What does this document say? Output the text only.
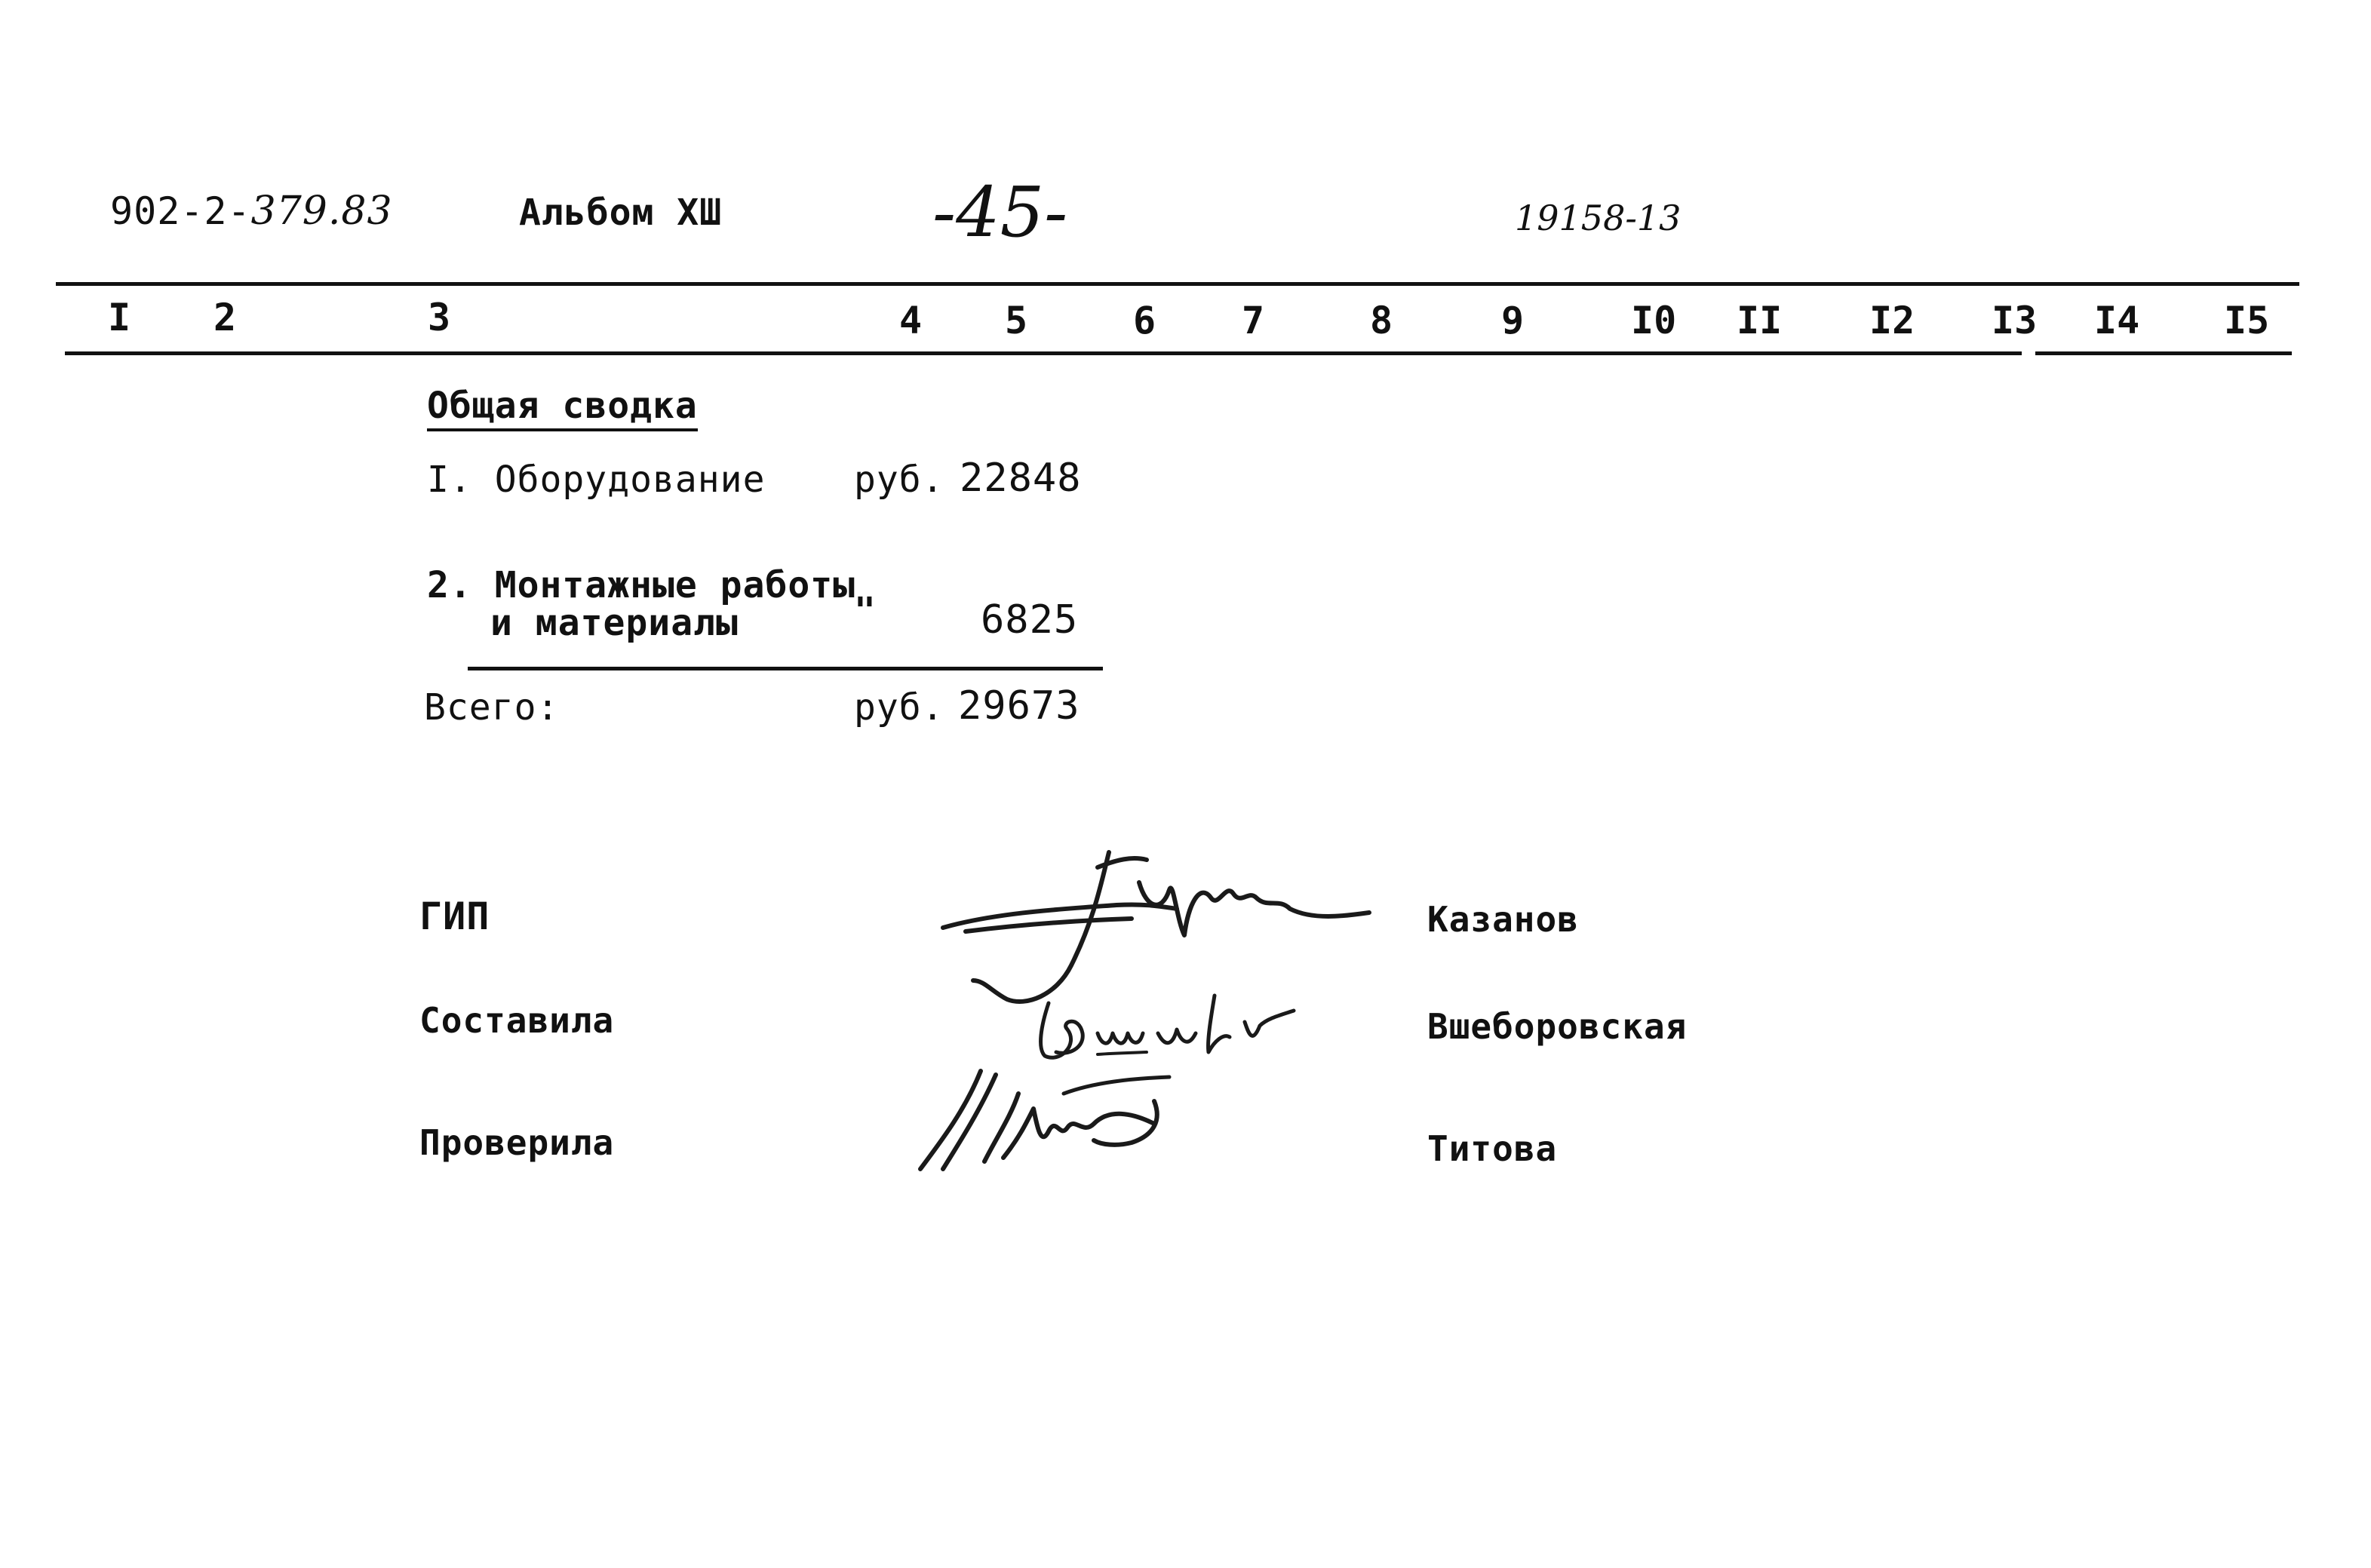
902-2-379.83	Альбом XШ	-45-	19158-13
I 2	3	4 5	6 7	8	9	I0 II I2 I3 I4 I5
Общая сводка
I. Оборудование руб. 22848
2. Монтажные работы
и материалы	"	6825
Всего:	руб. 29673
ГИП	Казанов
Составила	Вшеборовская
Проверила	Титова
